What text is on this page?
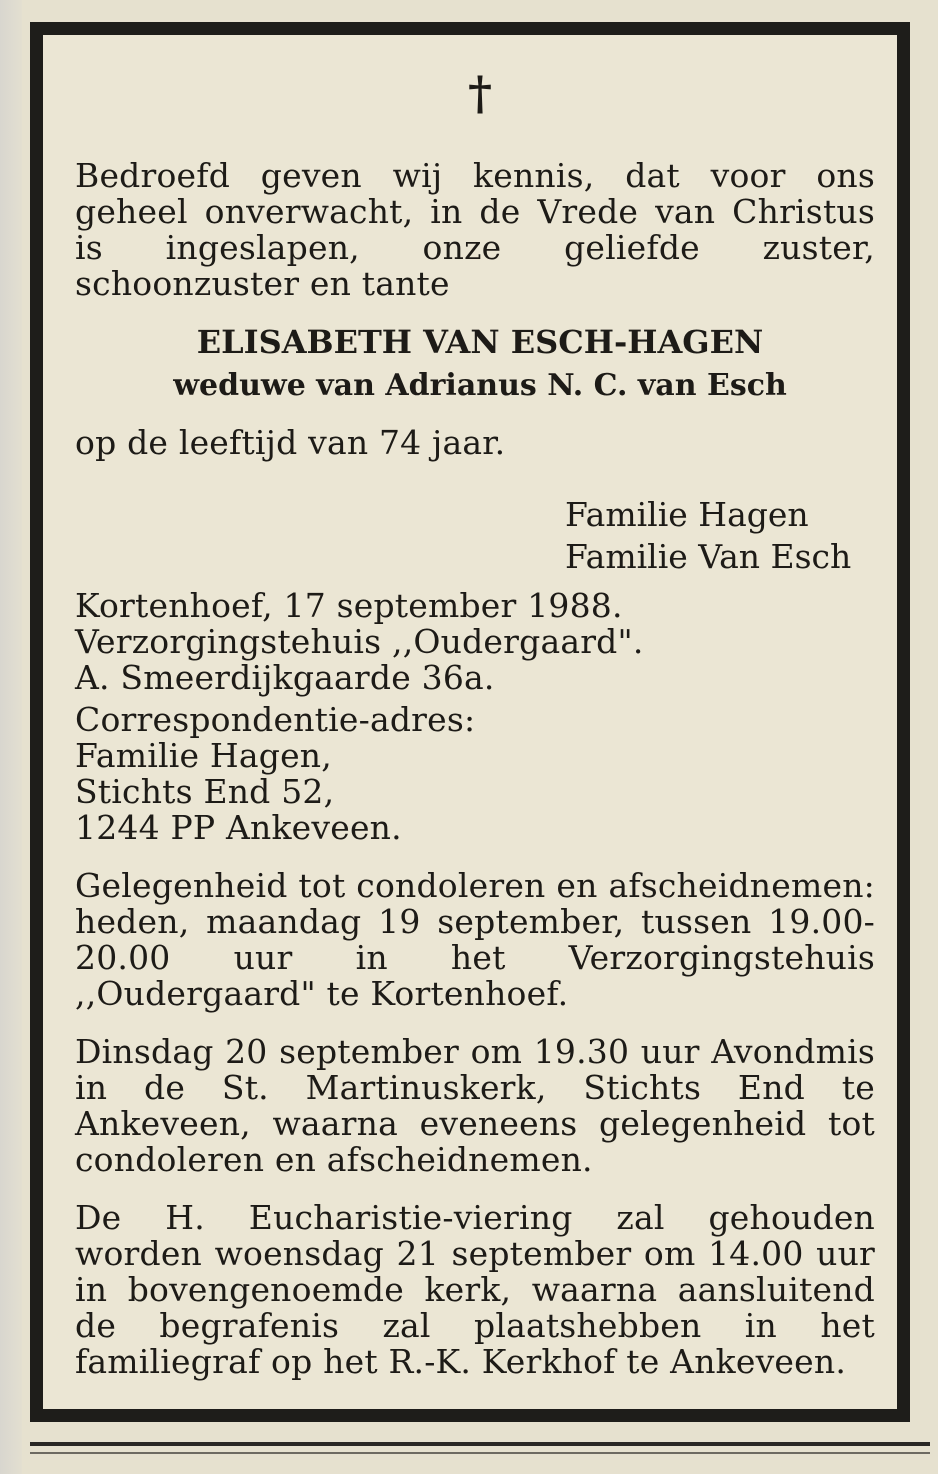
†
Bedroefd geven wij kennis, dat voor ons geheel onverwacht, in de Vrede van Christus is ingeslapen, onze geliefde zuster, schoonzuster en tante
ELISABETH VAN ESCH-HAGEN
weduwe van Adrianus N. C. van Esch
op de leeftijd van 74 jaar.
Familie Hagen
Familie Van Esch
Kortenhoef, 17 september 1988.
Verzorgingstehuis ,,Oudergaard".
A. Smeerdijkgaarde 36a.
Correspondentie-adres:
Familie Hagen,
Stichts End 52,
1244 PP Ankeveen.
Gelegenheid tot condoleren en afscheidnemen: heden, maandag 19 september, tussen 19.00-20.00 uur in het Verzorgingstehuis ,,Oudergaard" te Kortenhoef.
Dinsdag 20 september om 19.30 uur Avondmis in de St. Martinuskerk, Stichts End te Ankeveen, waarna eveneens gelegenheid tot condoleren en afscheidnemen.
De H. Eucharistie-viering zal gehouden worden woensdag 21 september om 14.00 uur in bovengenoemde kerk, waarna aansluitend de begrafenis zal plaatshebben in het familiegraf op het R.-K. Kerkhof te Ankeveen.
